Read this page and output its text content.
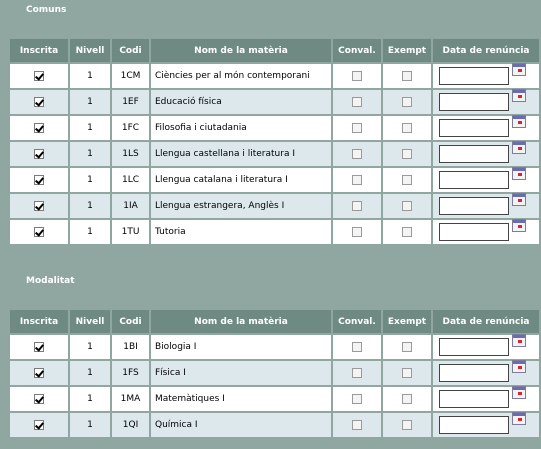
Comuns
Inscrita	Nivell	Codi	Nom de la matèria	Conval.	Exempt	Data de renúncia
	1	1CM	Ciències per al món contemporani			
	1	1EF	Educació física			
	1	1FC	Filosofia i ciutadania			
	1	1LS	Llengua castellana i literatura I			
	1	1LC	Llengua catalana i literatura I			
	1	1IA	Llengua estrangera, Anglès I			
	1	1TU	Tutoria			
Modalitat
Inscrita	Nivell	Codi	Nom de la matèria	Conval.	Exempt	Data de renúncia
	1	1BI	Biologia I			
	1	1FS	Física I			
	1	1MA	Matemàtiques I			
	1	1QI	Química I			
